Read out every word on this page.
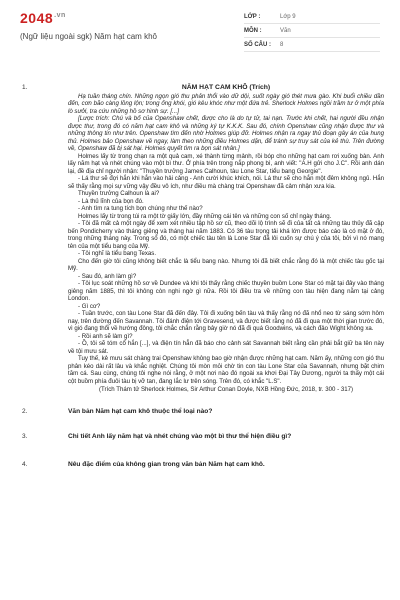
$2048^{.vn}$
(Ngữ liệu ngoài sgk) Năm hạt cam khô
LỚP :	Lớp 9
MÔN :	Văn
SỐ CÂU :	8
1.	NĂM HẠT CAM KHÔ (Trích)

Hạ tuần tháng chín. Những ngọn gió thu phản thổi vào dữ dội, suốt ngày gió thét mưa gào. Khi buổi chiều dần đến, cơn bão càng lồng lộn; trong ống khói, gió kêu khóc như một đứa trẻ. Sherlock Holmes ngồi trầm tư ở một phía lò sưởi, tra cứu những hồ sơ hình sự. [...]

[Lược trích: Chú và bố của Openshaw chết, được cho là do tự tử, tai nạn. Trước khi chết, hai người đều nhận được thư, trong đó có năm hạt cam khô và những ký tự K.K.K. Sau đó, chính Openshaw cũng nhận được thư và những thông tin như trên. Openshaw tìm đến nhờ Holmes giúp đỡ. Holmes nhận ra ngay thủ đoạn gây án của hung thủ. Holmes bảo Openshaw về ngay, làm theo những điều Holmes dặn, để tránh sự truy sát của kẻ thù. Trên đường về, Openshaw đã bị sát hại. Holmes quyết tìm ra bọn sát nhân.]

Holmes lấy từ trong chạn ra một quả cam, xé thành từng mảnh, rồi bóp cho những hạt cam rơi xuống bàn. Anh lấy năm hạt và nhét chúng vào một bì thư. Ở phía trên trong nắp phong bì, anh viết: "A.H gửi cho J.C". Rồi anh dán lại, đề địa chỉ người nhận: "Thuyền trưởng James Calhoun, tàu Lone Star, tiểu bang Georgie".

- Lá thư sẽ đợi hắn khi hắn vào hải cảng - Anh cười khúc khích, nói. Lá thư sẽ cho hắn một đêm không ngủ. Hắn sẽ thấy rằng mọi sự vững vậy đều vô ích, như điều mà chàng trai Openshaw đã cảm nhận xưa kia.

Thuyền trưởng Calhoun là ai?

- Là thủ lĩnh của bọn đó.

- Anh tìm ra tung tích bọn chúng như thế nào?

Holmes lấy từ trong túi ra một tờ giấy lớn, đầy những cái tên và những con số chỉ ngày tháng.

- Tôi đã mất cả một ngày để xem xét nhiều tập hồ sơ cũ, theo dõi lộ trình sẽ đi của tất cả những tàu thủy đã cập bến Pondicherry vào tháng giêng và tháng hai năm 1883. Có 36 tàu trọng tải khá lớn được báo cáo là có mặt ở đó, trong những tháng này. Trong số đó, có một chiếc tàu tên là Lone Star đã lôi cuốn sự chú ý của tôi, bởi vì nó mang tên của một tiểu bang của Mỹ.

- Tôi nghĩ là tiểu bang Texas.

Cho đến giờ tôi cũng không biết chắc là tiểu bang nào. Nhưng tôi đã biết chắc rằng đó là một chiếc tàu gốc tại Mỹ.

- Sau đó, anh làm gì?

- Tôi lục soát những hồ sơ về Dundee và khi tôi thấy rằng chiếc thuyền buồm Lone Star có mặt tại đây vào tháng giêng năm 1885, thì tôi không còn nghi ngờ gì nữa. Rồi tôi điều tra về những con tàu hiện đang nằm tại cảng London.

- Gì cơ?

- Tuần trước, con tàu Lone Star đã đến đây. Tôi đi xuống bến tàu và thấy rằng nó đã nhổ neo từ sáng sớm hôm nay, trên đường đến Savannah. Tôi đánh điện tới Gravesend, và được biết rằng nó đã đi qua một thời gian trước đó, vì gió đang thổi về hướng đông, tôi chắc chắn rằng bây giờ nó đã đi quá Goodwins, và cách đảo Wight không xa.

- Rồi anh sẽ làm gì?

- Ồ, tôi sẽ tóm cổ hắn [...], và điện tín hẳn đã báo cho cảnh sát Savannah biết rằng cần phải bắt giữ ba tên này về tội mưu sát.

Tuy thế, kẻ mưu sát chàng trai Openshaw không bao giờ nhận được những hạt cam. Năm ấy, những cơn gió thu phân kéo dài rất lâu và khắc nghiệt. Chúng tôi mòn mỏi chờ tin con tàu Lone Star của Savannah, nhưng bặt chim tăm cá. Sau cùng, chúng tôi nghe nói rằng, ở một nơi nào đó ngoài xa khơi Đại Tây Dương, người ta thấy một cái cột buồm phía đuôi tàu bị vỡ tan, đang lắc lư trên sóng. Trên đó, có khắc "L.S".

(Trích Thám tử Sherlock Holmes, Sir Arthur Conan Doyle, NXB Hồng Đức, 2018, tr. 300 - 317)

2.	Văn bản Năm hạt cam khô thuộc thể loại nào?
3.	Chi tiết Anh lấy năm hạt và nhét chúng vào một bì thư thể hiện điều gì?
4.	Nêu đặc điểm của không gian trong văn bản Năm hạt cam khô.
